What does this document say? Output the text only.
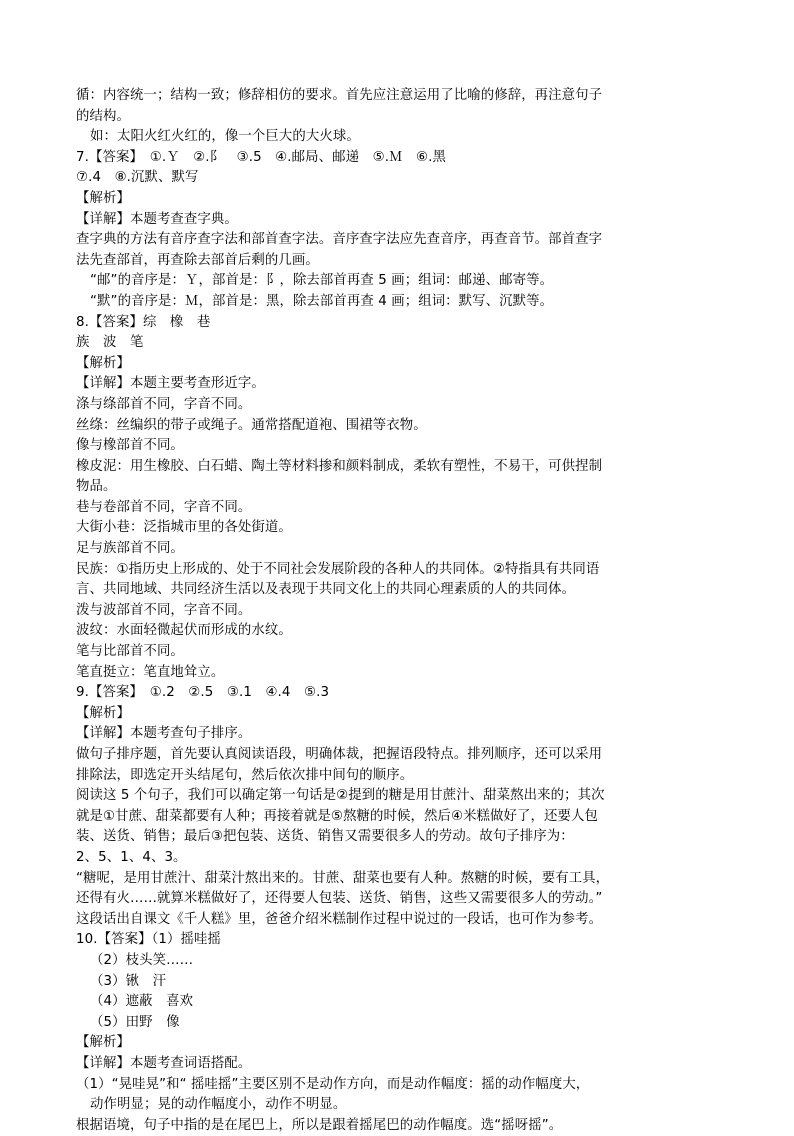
循：内容统一；结构一致；修辞相仿的要求。首先应注意运用了比喻的修辞，再注意句子
的结构。
如：太阳火红火红的，像一个巨大的大火球。
7.【答案】　①.Ｙ　②.阝　③.5　④.邮局、邮递　⑤.Ｍ　⑥.黑
⑦.4　⑧.沉默、默写
【解析】
【详解】本题考查查字典。
查字典的方法有音序查字法和部首查字法。音序查字法应先查音序，再查音节。部首查字
法先查部首，再查除去部首后剩的几画。
“邮”的音序是：Ｙ，部首是：阝，除去部首再查 5 画；组词：邮递、邮寄等。
“默”的音序是：Ｍ，部首是：黑，除去部首再查 4 画；组词：默写、沉默等。
8.【答案】综　橡　巷
族　波　笔
【解析】
【详解】本题主要考查形近字。
涤与绦部首不同，字音不同。
丝绦：丝编织的带子或绳子。通常搭配道袍、围裙等衣物。
像与橡部首不同。
橡皮泥：用生橡胶、白石蜡、陶土等材料掺和颜料制成，柔软有塑性，不易干，可供捏制
物品。
巷与卷部首不同，字音不同。
大街小巷：泛指城市里的各处街道。
足与族部首不同。
民族：①指历史上形成的、处于不同社会发展阶段的各种人的共同体。②特指具有共同语
言、共同地域、共同经济生活以及表现于共同文化上的共同心理素质的人的共同体。
泼与波部首不同，字音不同。
波纹：水面轻微起伏而形成的水纹。
笔与比部首不同。
笔直挺立：笔直地耸立。
9.【答案】　①.2　②.5　③.1　④.4　⑤.3
【解析】
【详解】本题考查句子排序。
做句子排序题，首先要认真阅读语段，明确体裁，把握语段特点。排列顺序，还可以采用
排除法，即选定开头结尾句，然后依次排中间句的顺序。
阅读这 5 个句子，我们可以确定第一句话是②提到的糖是用甘蔗汁、甜菜熬出来的；其次
就是①甘蔗、甜菜都要有人种；再接着就是⑤熬糖的时候，然后④米糕做好了，还要人包
装、送货、销售；最后③把包装、送货、销售又需要很多人的劳动。故句子排序为：
2、5、1、4、3。
“糖呢，是用甘蔗汁、甜菜汁熬出来的。甘蔗、甜菜也要有人种。熬糖的时候，要有工具，
还得有火……就算米糕做好了，还得要人包装、送货、销售，这些又需要很多人的劳动。”
这段话出自课文《千人糕》里，爸爸介绍米糕制作过程中说过的一段话，也可作为参考。
10.【答案】（1）摇哇摇
（2）枝头笑……
（3）锹　汗
（4）遮蔽　喜欢
（5）田野　像
【解析】
【详解】本题考查词语搭配。
（1）“晃哇晃”和“ 摇哇摇”主要区别不是动作方向，而是动作幅度：摇的动作幅度大，
动作明显；晃的动作幅度小，动作不明显。
根据语境，句子中指的是在尾巴上，所以是跟着摇尾巴的动作幅度。选“摇呀摇”。
